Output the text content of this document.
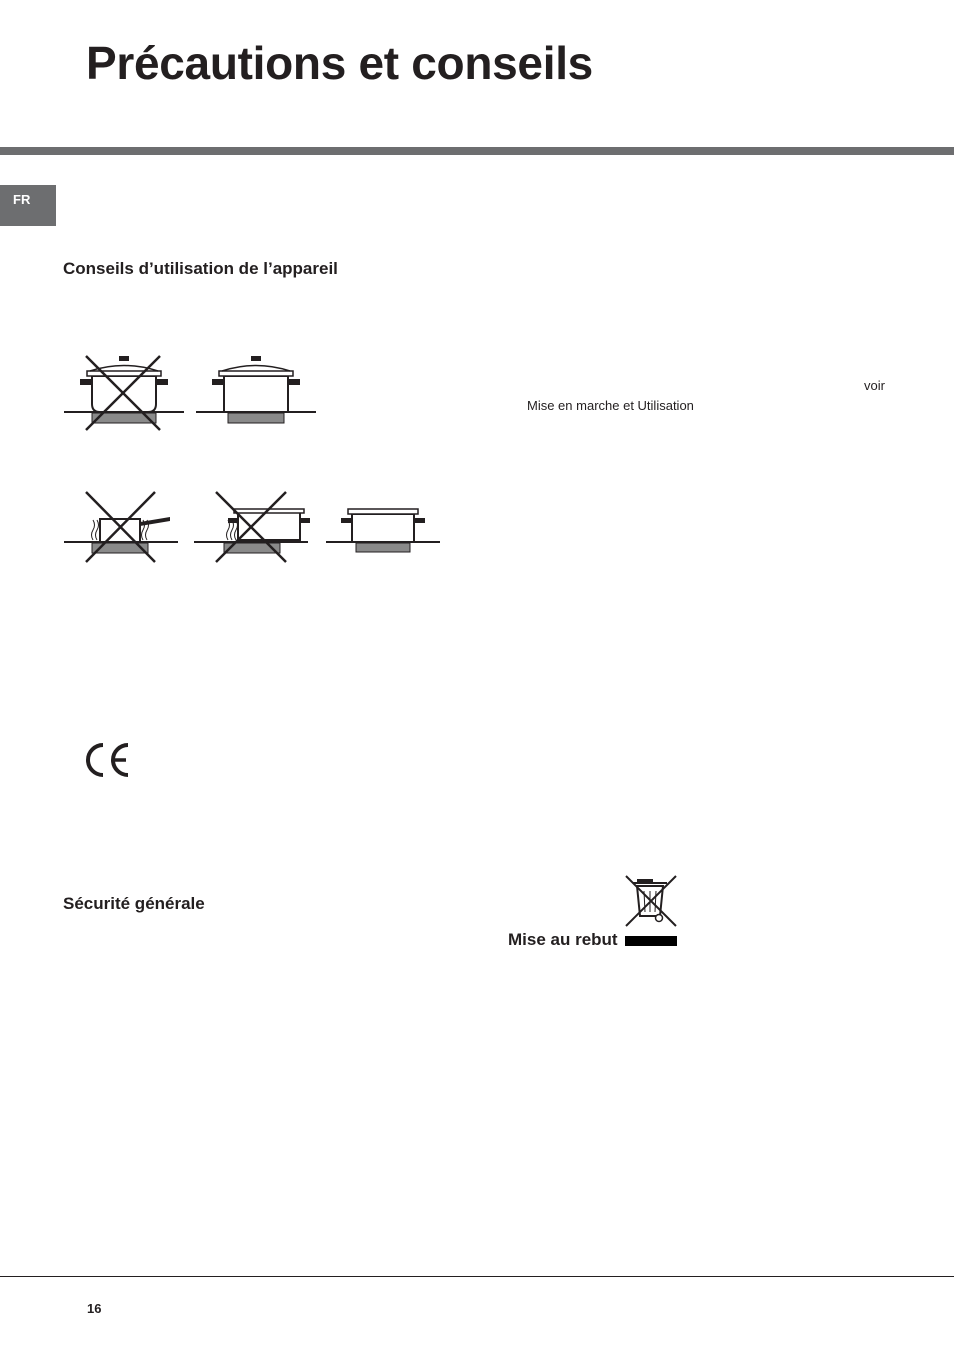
Précautions et conseils
FR
Conseils d’utilisation de l’appareil
voir
Mise en marche et Utilisation
Sécurité générale
Mise au rebut
16
